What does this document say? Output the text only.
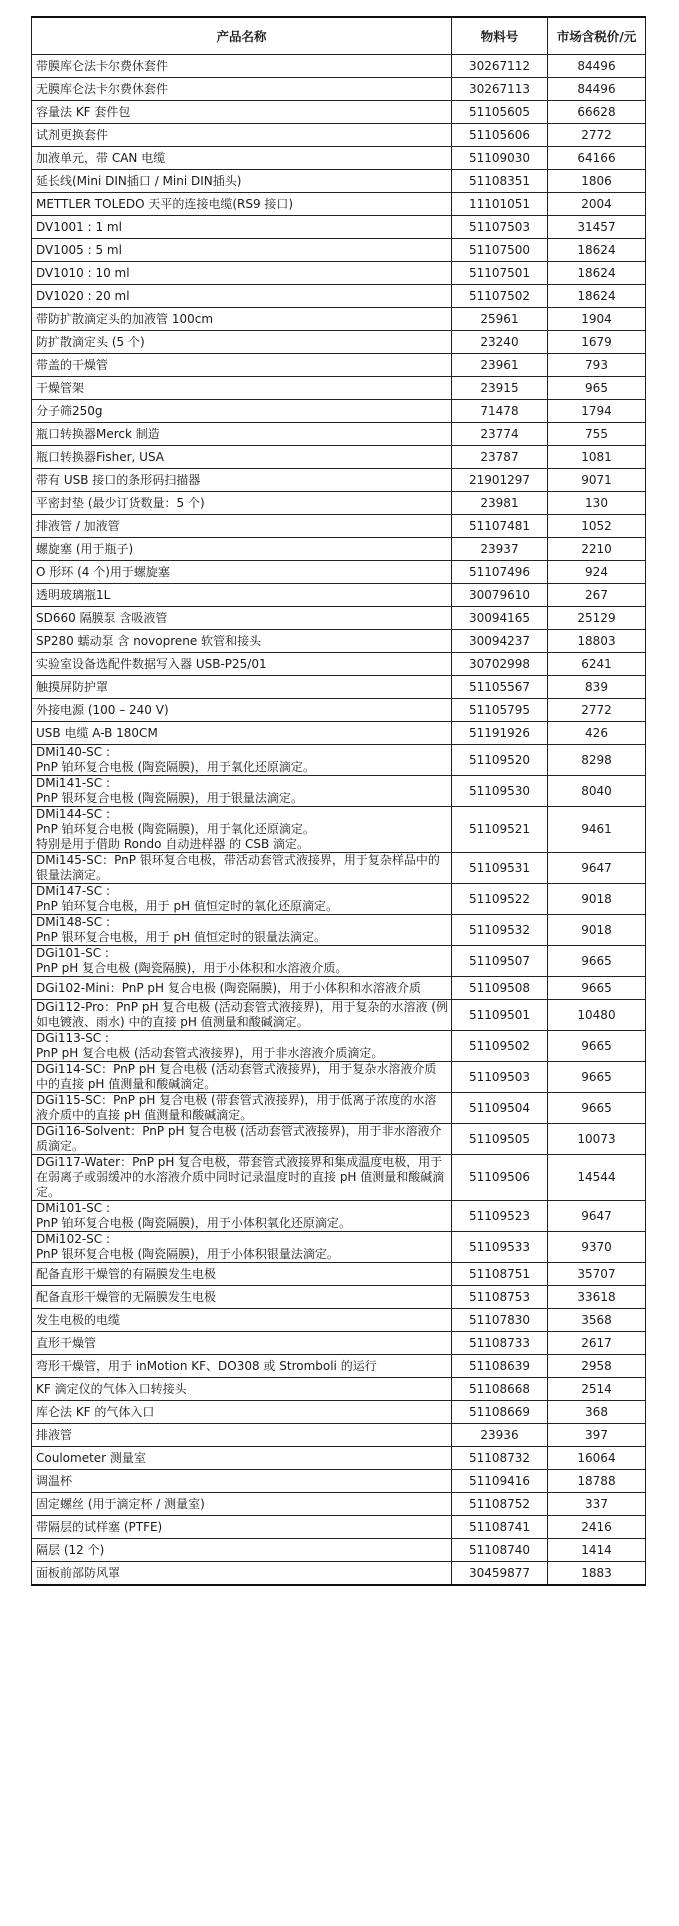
产品名称	物料号	市场含税价/元
带膜库仑法卡尔费休套件	30267112	84496
无膜库仑法卡尔费休套件	30267113	84496
容量法 KF 套件包	51105605	66628
试剂更换套件	51105606	2772
加液单元，带 CAN 电缆	51109030	64166
延长线(Mini DIN插口 / Mini DIN插头)	51108351	1806
METTLER TOLEDO 天平的连接电缆(RS9 接口)	11101051	2004
DV1001 : 1 ml	51107503	31457
DV1005 : 5 ml	51107500	18624
DV1010 : 10 ml	51107501	18624
DV1020 : 20 ml	51107502	18624
带防扩散滴定头的加液管 100cm	25961	1904
防扩散滴定头 (5 个)	23240	1679
带盖的干燥管	23961	793
干燥管架	23915	965
分子筛250g	71478	1794
瓶口转换器Merck 制造	23774	755
瓶口转换器Fisher, USA	23787	1081
带有 USB 接口的条形码扫描器	21901297	9071
平密封垫 (最少订货数量：5 个)	23981	130
排液管 / 加液管	51107481	1052
螺旋塞 (用于瓶子)	23937	2210
O 形环 (4 个)用于螺旋塞	51107496	924
透明玻璃瓶1L	30079610	267
SD660 隔膜泵 含吸液管	30094165	25129
SP280 蠕动泵 含 novoprene 软管和接头	30094237	18803
实验室设备选配件数据写入器 USB-P25/01	30702998	6241
触摸屏防护罩	51105567	839
外接电源 (100 – 240 V)	51105795	2772
USB 电缆 A-B 180CM	51191926	426
DMi140-SC :
PnP 铂环复合电极 (陶瓷隔膜)，用于氧化还原滴定。	51109520	8298
DMi141-SC :
PnP 银环复合电极 (陶瓷隔膜)，用于银量法滴定。	51109530	8040
DMi144-SC :
PnP 铂环复合电极 (陶瓷隔膜)，用于氧化还原滴定。
特别是用于借助 Rondo 自动进样器 的 CSB 滴定。	51109521	9461
DMi145-SC：PnP 银环复合电极，带活动套管式液接界，用于复杂样品中的银量法滴定。	51109531	9647
DMi147-SC :
PnP 铂环复合电极，用于 pH 值恒定时的氧化还原滴定。	51109522	9018
DMi148-SC :
PnP 银环复合电极，用于 pH 值恒定时的银量法滴定。	51109532	9018
DGi101-SC :
PnP pH 复合电极 (陶瓷隔膜)，用于小体积和水溶液介质。	51109507	9665
DGi102-Mini：PnP pH 复合电极 (陶瓷隔膜)，用于小体积和水溶液介质	51109508	9665
DGi112-Pro：PnP pH 复合电极 (活动套管式液接界)，用于复杂的水溶液 (例如电镀液、雨水) 中的直接 pH 值测量和酸碱滴定。	51109501	10480
DGi113-SC :
PnP pH 复合电极 (活动套管式液接界)，用于非水溶液介质滴定。	51109502	9665
DGi114-SC：PnP pH 复合电极 (活动套管式液接界)，用于复杂水溶液介质中的直接 pH 值测量和酸碱滴定。	51109503	9665
DGi115-SC：PnP pH 复合电极 (带套管式液接界)，用于低离子浓度的水溶液介质中的直接 pH 值测量和酸碱滴定。	51109504	9665
DGi116-Solvent：PnP pH 复合电极 (活动套管式液接界)，用于非水溶液介质滴定。	51109505	10073
DGi117-Water：PnP pH 复合电极，带套管式液接界和集成温度电极，用于在弱离子或弱缓冲的水溶液介质中同时记录温度时的直接 pH 值测量和酸碱滴定。	51109506	14544
DMi101-SC :
PnP 铂环复合电极 (陶瓷隔膜)，用于小体积氧化还原滴定。	51109523	9647
DMi102-SC :
PnP 银环复合电极 (陶瓷隔膜)，用于小体积银量法滴定。	51109533	9370
配备直形干燥管的有隔膜发生电极	51108751	35707
配备直形干燥管的无隔膜发生电极	51108753	33618
发生电极的电缆	51107830	3568
直形干燥管	51108733	2617
弯形干燥管，用于 inMotion KF、DO308 或 Stromboli 的运行	51108639	2958
KF 滴定仪的气体入口转接头	51108668	2514
库仑法 KF 的气体入口	51108669	368
排液管	23936	397
Coulometer 测量室	51108732	16064
调温杯	51109416	18788
固定螺丝 (用于滴定杯 / 测量室)	51108752	337
带隔层的试样塞 (PTFE)	51108741	2416
隔层 (12 个)	51108740	1414
面板前部防风罩	30459877	1883
